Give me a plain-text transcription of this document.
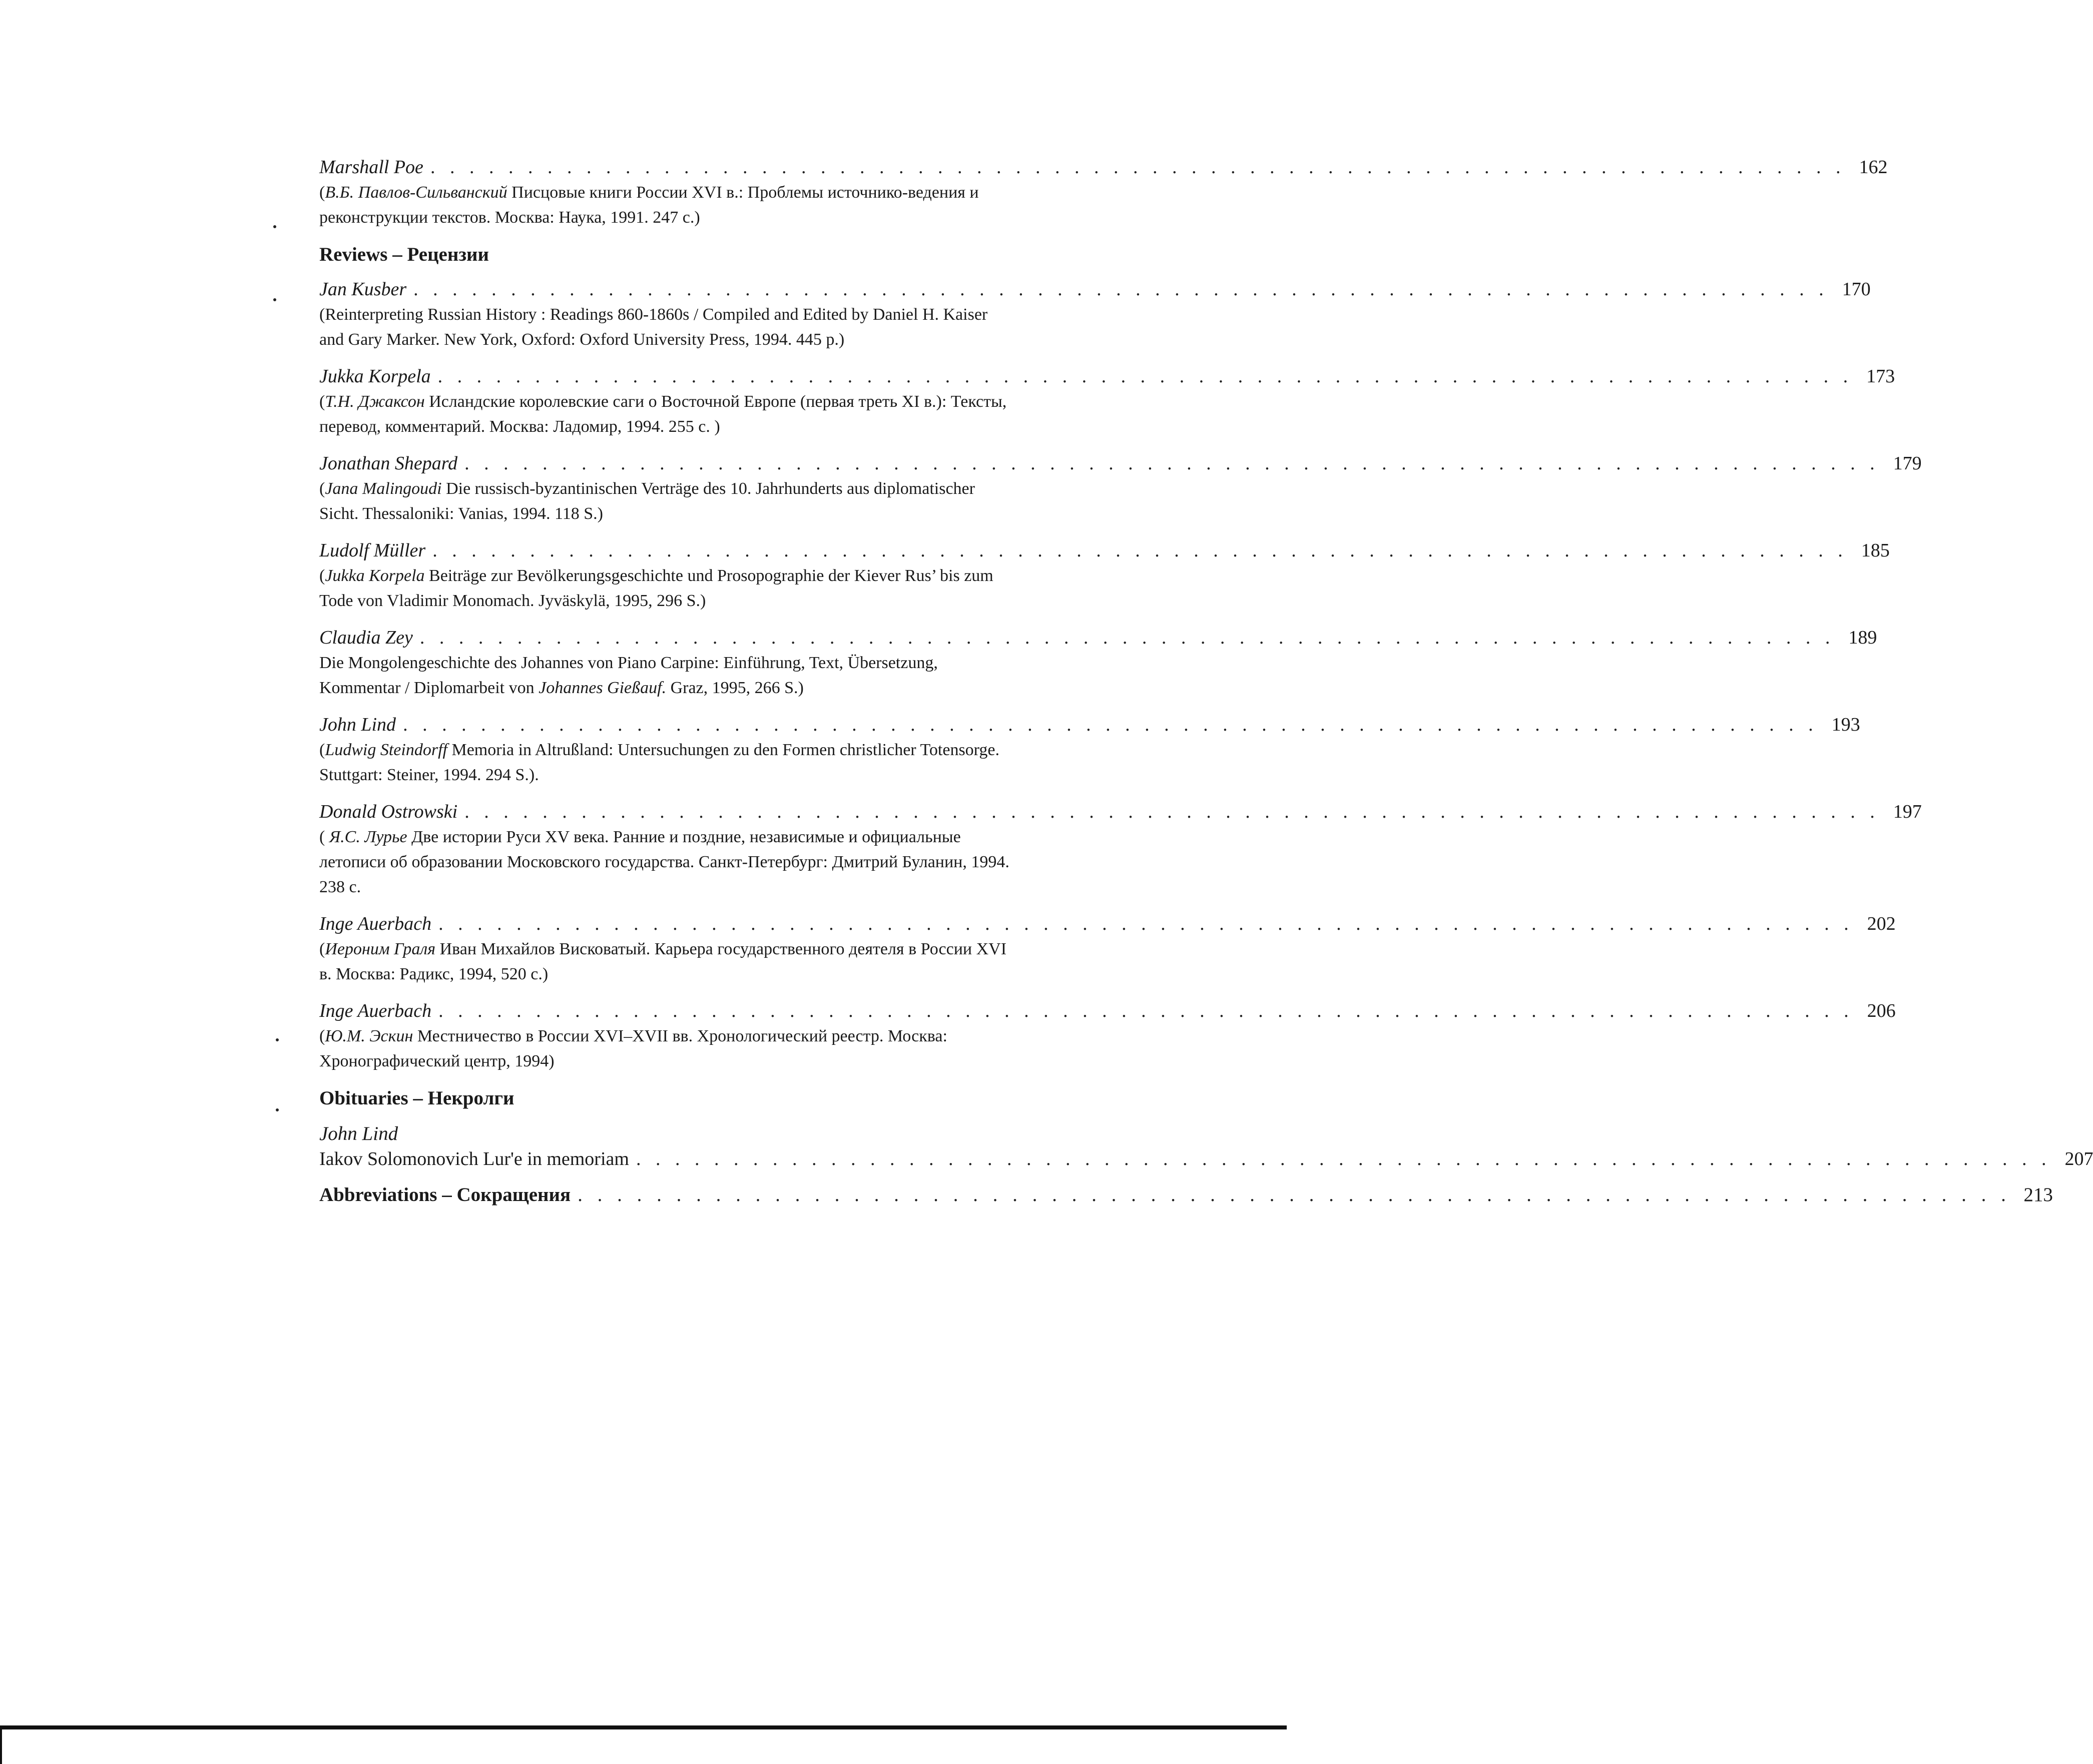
Marshall Poe . . . . . . . . . . . . . . . . . . . . . . . . . . . . . . . . . . . . . . . . . . . . . . . . . . . . . . . . . . . . . . . . . . . . . . . . . 162
(В.Б. Павлов-Сильванский Писцовые книги России XVI в.: Проблемы источнико-ведения и реконструкции текстов. Москва: Наука, 1991. 247 с.)
Reviews – Рецензии
Jan Kusber . . . . . . . . . . . . . . . . . . . . . . . . . . . . . . . . . . . . . . . . . . . . . . . . . . . . . . . . . . . . . . . . . . . . . . . . . 170
(Reinterpreting Russian History : Readings 860-1860s / Compiled and Edited by Daniel H. Kaiser and Gary Marker. New York, Oxford: Oxford University Press, 1994. 445 p.)
Jukka Korpela . . . . . . . . . . . . . . . . . . . . . . . . . . . . . . . . . . . . . . . . . . . . . . . . . . . . . . . . . . . . . . . . . . . . . . . . . 173
(Т.Н. Джаксон Исландские королевские саги о Восточной Европе (первая треть XI в.): Тексты, перевод, комментарий. Москва: Ладомир, 1994. 255 с. )
Jonathan Shepard . . . . . . . . . . . . . . . . . . . . . . . . . . . . . . . . . . . . . . . . . . . . . . . . . . . . . . . . . . . . . . . . . . . . . . . . . 179
(Jana Malingoudi Die russisch-byzantinischen Verträge des 10. Jahrhunderts aus diplomatischer Sicht. Thessaloniki: Vanias, 1994. 118 S.)
Ludolf Müller . . . . . . . . . . . . . . . . . . . . . . . . . . . . . . . . . . . . . . . . . . . . . . . . . . . . . . . . . . . . . . . . . . . . . . . . . 185
(Jukka Korpela Beiträge zur Bevölkerungsgeschichte und Prosopographie der Kiever Rus’ bis zum Tode von Vladimir Monomach. Jyväskylä, 1995, 296 S.)
Claudia Zey . . . . . . . . . . . . . . . . . . . . . . . . . . . . . . . . . . . . . . . . . . . . . . . . . . . . . . . . . . . . . . . . . . . . . . . . . 189
Die Mongolengeschichte des Johannes von Piano Carpine: Einführung, Text, Übersetzung, Kommentar / Diplomarbeit von Johannes Gießauf. Graz, 1995, 266 S.)
John Lind . . . . . . . . . . . . . . . . . . . . . . . . . . . . . . . . . . . . . . . . . . . . . . . . . . . . . . . . . . . . . . . . . . . . . . . . . 193
(Ludwig Steindorff Memoria in Altrußland: Untersuchungen zu den Formen christlicher Totensorge. Stuttgart: Steiner, 1994. 294 S.).
Donald Ostrowski . . . . . . . . . . . . . . . . . . . . . . . . . . . . . . . . . . . . . . . . . . . . . . . . . . . . . . . . . . . . . . . . . . . . . . . . . 197
( Я.С. Лурье Две истории Руси XV века. Ранние и поздние, независимые и официальные летописи об образовании Московского государства. Санкт-Петербург: Дмитрий Буланин, 1994. 238 с.
Inge Auerbach . . . . . . . . . . . . . . . . . . . . . . . . . . . . . . . . . . . . . . . . . . . . . . . . . . . . . . . . . . . . . . . . . . . . . . . . . 202
(Иероним Граля Иван Михайлов Висковатый. Карьера государственного деятеля в России XVI в. Москва: Радикс, 1994, 520 с.)
Inge Auerbach . . . . . . . . . . . . . . . . . . . . . . . . . . . . . . . . . . . . . . . . . . . . . . . . . . . . . . . . . . . . . . . . . . . . . . . . . 206
(Ю.М. Эскин Местничество в России XVI–XVII вв. Хронологический реестр. Москва: Хронографический центр, 1994)
Obituaries – Некролги
John Lind
Iakov Solomonovich Lur'e in memoriam . . . . . . . . . . . . . . . . . . . . . . . . . . . . . . . . . . . . . . . . . . . . . . . . . . . . . . . . . . . . . . . . . . . . . . . . . 207
Abbreviations – Сокращения . . . . . . . . . . . . . . . . . . . . . . . . . . . . . . . . . . . . . . . . . . . . . . . . . . . . . . . . . . . . . . . . . . . . . . . . . 213
